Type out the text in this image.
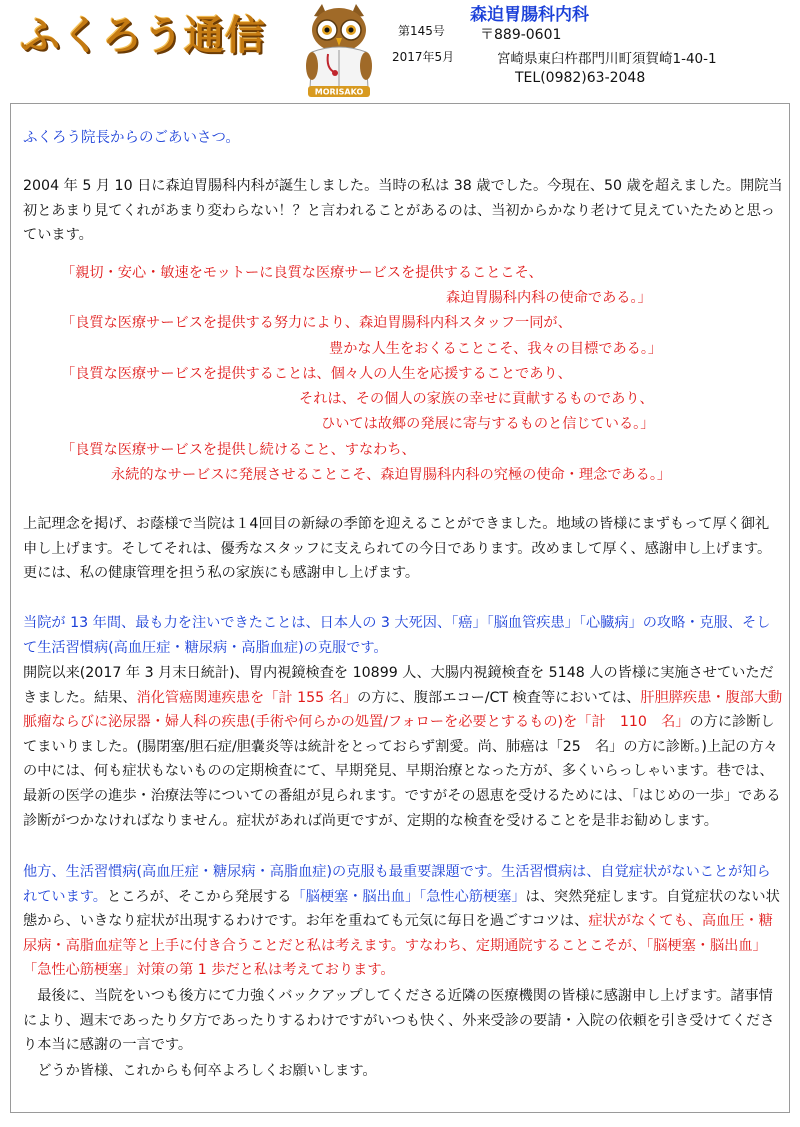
ふくろう通信
MORISAKO
第145号
2017年5月
森迫胃腸科内科
〒889-0601
宮崎県東臼杵郡門川町須賀崎1-40-1
TEL(0982)63-2048
ふくろう院長からのごあいさつ。

2004 年 5 月 10 日に森迫胃腸科内科が誕生しました。当時の私は 38 歳でした。今現在、50 歳を超えました。開院当初とあまり見てくれがあまり変わらない！？と言われることがあるのは、当初からかなり老けて見えていたためと思っています。

「親切・安心・敏速をモットーに良質な医療サービスを提供することこそ、
森迫胃腸科内科の使命である。」
「良質な医療サービスを提供する努力により、森迫胃腸科内科スタッフ一同が、
豊かな人生をおくることこそ、我々の目標である。」
「良質な医療サービスを提供することは、個々人の人生を応援することであり、
それは、その個人の家族の幸せに貢献するものであり、
ひいては故郷の発展に寄与するものと信じている。」
「良質な医療サービスを提供し続けること、すなわち、
永続的なサービスに発展させることこそ、森迫胃腸科内科の究極の使命・理念である。」

上記理念を掲げ、お蔭様で当院は１4回目の新緑の季節を迎えることができました。地域の皆様にまずもって厚く御礼申し上げます。そしてそれは、優秀なスタッフに支えられての今日であります。改めまして厚く、感謝申し上げます。更には、私の健康管理を担う私の家族にも感謝申し上げます。

当院が 13 年間、最も力を注いできたことは、日本人の 3 大死因、「癌」「脳血管疾患」「心臓病」の攻略・克服、そして生活習慣病(高血圧症・糖尿病・高脂血症)の克服です。

開院以来(2017 年 3 月末日統計)、胃内視鏡検査を 10899 人、大腸内視鏡検査を 5148 人の皆様に実施させていただきました。結果、消化管癌関連疾患を「計 155 名」の方に、腹部エコー/CT 検査等においては、肝胆膵疾患・腹部大動脈瘤ならびに泌尿器・婦人科の疾患(手術や何らかの処置/フォローを必要とするもの)を「計　110　名」の方に診断してまいりました。(腸閉塞/胆石症/胆嚢炎等は統計をとっておらず割愛。尚、肺癌は「25　名」の方に診断。)上記の方々の中には、何も症状もないものの定期検査にて、早期発見、早期治療となった方が、多くいらっしゃいます。巷では、最新の医学の進歩・治療法等についての番組が見られます。ですがその恩恵を受けるためには、「はじめの一歩」である診断がつかなければなりません。症状があれば尚更ですが、定期的な検査を受けることを是非お勧めします。

他方、生活習慣病(高血圧症・糖尿病・高脂血症)の克服も最重要課題です。生活習慣病は、自覚症状がないことが知られています。ところが、そこから発展する「脳梗塞・脳出血」「急性心筋梗塞」は、突然発症します。自覚症状のない状態から、いきなり症状が出現するわけです。お年を重ねても元気に毎日を過ごすコツは、症状がなくても、高血圧・糖尿病・高脂血症等と上手に付き合うことだと私は考えます。すなわち、定期通院することこそが、「脳梗塞・脳出血」「急性心筋梗塞」対策の第 1 歩だと私は考えております。

最後に、当院をいつも後方にて力強くバックアップしてくださる近隣の医療機関の皆様に感謝申し上げます。諸事情により、週末であったり夕方であったりするわけですがいつも快く、外来受診の要請・入院の依頼を引き受けてくださり本当に感謝の一言です。

どうか皆様、これからも何卒よろしくお願いします。
